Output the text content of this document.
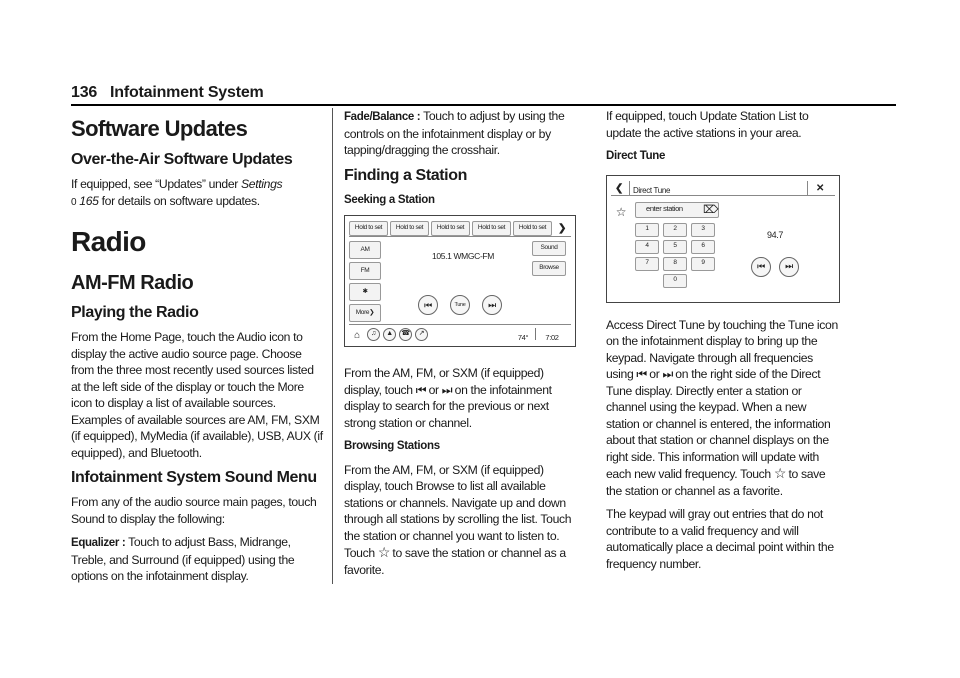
136 Infotainment System
Software Updates
Over-the-Air Software Updates

If equipped, see “Updates” under Settings
0 165 for details on software updates.

Radio
AM-FM Radio
Playing the Radio

From the Home Page, touch the Audio icon to display the active audio source page. Choose from the three most recently used sources listed at the left side of the display or touch the More icon to display a list of available sources. Examples of available sources are AM, FM, SXM (if equipped), MyMedia (if available), USB, AUX (if equipped), and Bluetooth.

Infotainment System Sound Menu

From any of the audio source main pages, touch Sound to display the following:

Equalizer : Touch to adjust Bass, Midrange, Treble, and Surround (if equipped) using the options on the infotainment display.

Fade/Balance : Touch to adjust by using the controls on the infotainment display or by tapping/dragging the crosshair.

Finding a Station
Seeking a Station
Hold to set	Hold to set	Hold to set	Hold to set	Hold to set	❯
AM
FM
✱
More❯
105.1 WMGC-FM
Sound
Browse
⏮	Tune	⏭
⌂	♫	▲	☎	↗	74°	7:02

From the AM, FM, or SXM (if equipped) display, touch ⏮ or ⏭ on the infotainment display to search for the previous or next strong station or channel.

Browsing Stations

From the AM, FM, or SXM (if equipped) display, touch Browse to list all available stations or channels. Navigate up and down through all stations by scrolling the list. Touch the station or channel you want to listen to. Touch ☆ to save the station or channel as a favorite.

If equipped, touch Update Station List to update the active stations in your area.

Direct Tune
❮ Direct Tune	✕
☆	enter station	⌦
1	2	3
4	5	6
7	8	9
0
94.7
⏮	⏭

Access Direct Tune by touching the Tune icon on the infotainment display to bring up the keypad. Navigate through all frequencies using ⏮ or ⏭ on the right side of the Direct Tune display. Directly enter a station or channel using the keypad. When a new station or channel is entered, the information about that station or channel displays on the right side. This information will update with each new valid frequency. Touch ☆ to save the station or channel as a favorite.

The keypad will gray out entries that do not contribute to a valid frequency and will automatically place a decimal point within the frequency number.
